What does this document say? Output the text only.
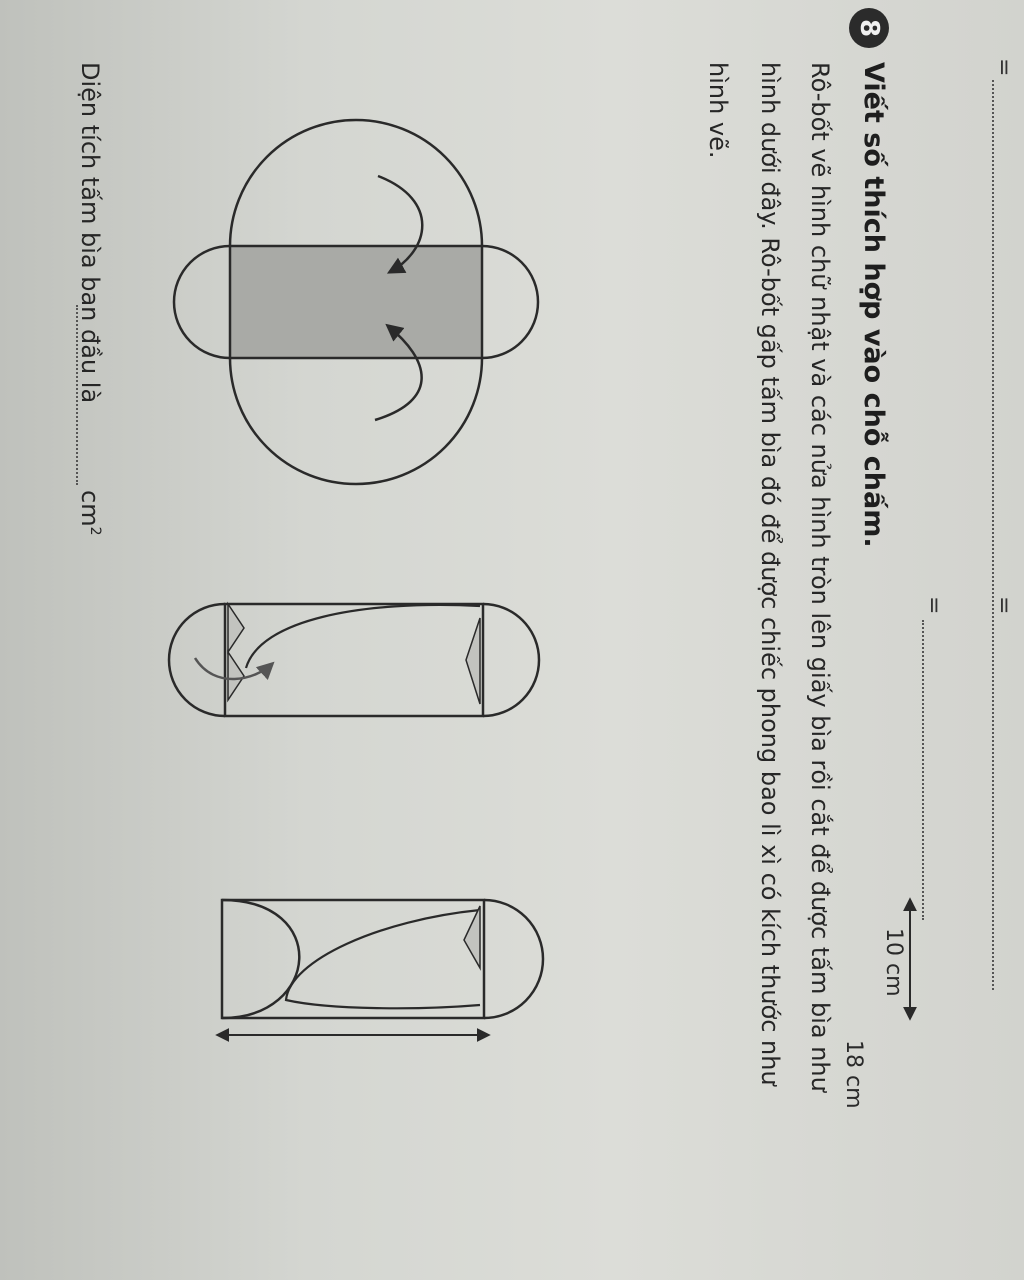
=
=
=
8
Viết số thích hợp vào chỗ chấm.
Rô-bốt vẽ hình chữ nhật và các nửa hình tròn lên giấy bìa rồi cắt để được tấm bìa như
hình dưới đây. Rô-bốt gấp tấm bìa đó để được chiếc phong bao lì xì có kích thước như
hình vẽ.
10 cm
18 cm
Diện tích tấm bìa ban đầu là
$cm^2$
